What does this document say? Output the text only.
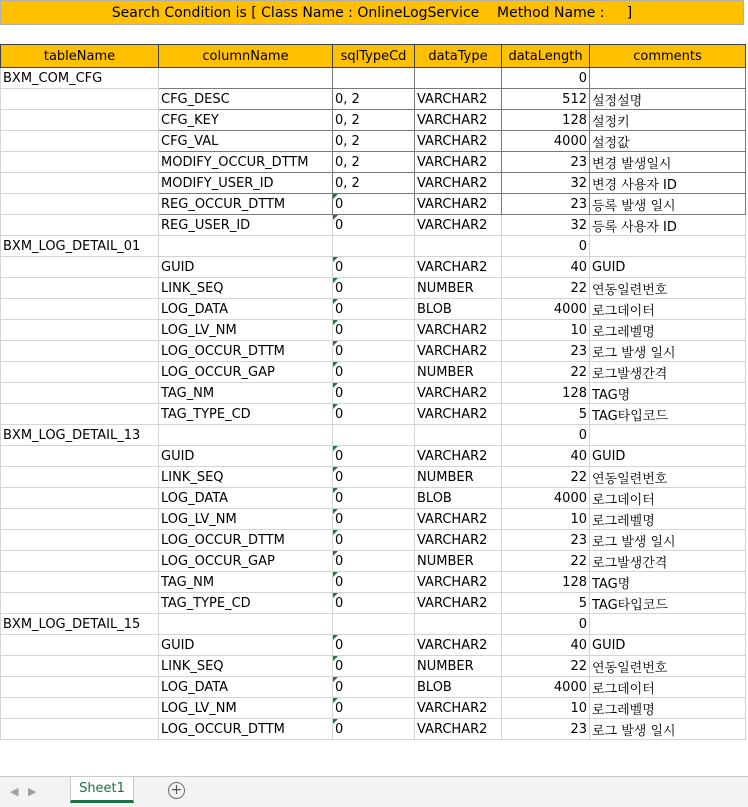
Search Condition is [ Class Name : OnlineLogService    Method Name :     ]
tableName	columnName	sqlTypeCd	dataType	dataLength	comments
BXM_COM_CFG				0	
	CFG_DESC	0, 2	VARCHAR2	512	설정설명
	CFG_KEY	0, 2	VARCHAR2	128	설정키
	CFG_VAL	0, 2	VARCHAR2	4000	설정값
	MODIFY_OCCUR_DTTM	0, 2	VARCHAR2	23	변경 발생일시
	MODIFY_USER_ID	0, 2	VARCHAR2	32	변경 사용자 ID
	REG_OCCUR_DTTM	0	VARCHAR2	23	등록 발생 일시
	REG_USER_ID	0	VARCHAR2	32	등록 사용자 ID
BXM_LOG_DETAIL_01				0	
	GUID	0	VARCHAR2	40	GUID
	LINK_SEQ	0	NUMBER	22	연동일련번호
	LOG_DATA	0	BLOB	4000	로그데이터
	LOG_LV_NM	0	VARCHAR2	10	로그레벨명
	LOG_OCCUR_DTTM	0	VARCHAR2	23	로그 발생 일시
	LOG_OCCUR_GAP	0	NUMBER	22	로그발생간격
	TAG_NM	0	VARCHAR2	128	TAG명
	TAG_TYPE_CD	0	VARCHAR2	5	TAG타입코드
BXM_LOG_DETAIL_13				0	
	GUID	0	VARCHAR2	40	GUID
	LINK_SEQ	0	NUMBER	22	연동일련번호
	LOG_DATA	0	BLOB	4000	로그데이터
	LOG_LV_NM	0	VARCHAR2	10	로그레벨명
	LOG_OCCUR_DTTM	0	VARCHAR2	23	로그 발생 일시
	LOG_OCCUR_GAP	0	NUMBER	22	로그발생간격
	TAG_NM	0	VARCHAR2	128	TAG명
	TAG_TYPE_CD	0	VARCHAR2	5	TAG타입코드
BXM_LOG_DETAIL_15				0	
	GUID	0	VARCHAR2	40	GUID
	LINK_SEQ	0	NUMBER	22	연동일련번호
	LOG_DATA	0	BLOB	4000	로그데이터
	LOG_LV_NM	0	VARCHAR2	10	로그레벨명
	LOG_OCCUR_DTTM	0	VARCHAR2	23	로그 발생 일시
◀ ▶	Sheet1	+
